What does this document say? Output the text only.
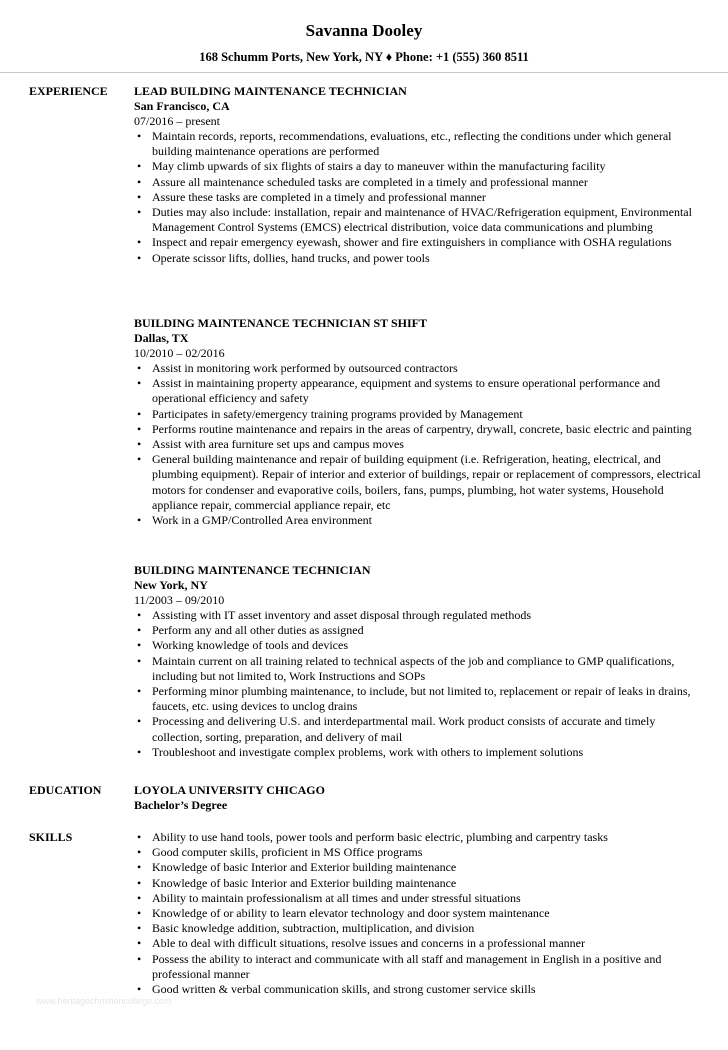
Savanna Dooley
168 Schumm Ports, New York, NY ♦ Phone: +1 (555) 360 8511
EXPERIENCE LEAD BUILDING MAINTENANCE TECHNICIAN
San Francisco, CA
07/2016 – present
• Maintain records, reports, recommendations, evaluations, etc., reflecting the conditions under which general building maintenance operations are performed
• May climb upwards of six flights of stairs a day to maneuver within the manufacturing facility
• Assure all maintenance scheduled tasks are completed in a timely and professional manner
• Assure these tasks are completed in a timely and professional manner
• Duties may also include: installation, repair and maintenance of HVAC/Refrigeration equipment, Environmental Management Control Systems (EMCS) electrical distribution, voice data communications and plumbing
• Inspect and repair emergency eyewash, shower and fire extinguishers in compliance with OSHA regulations
• Operate scissor lifts, dollies, hand trucks, and power tools
BUILDING MAINTENANCE TECHNICIAN ST SHIFT
Dallas, TX
10/2010 – 02/2016
• Assist in monitoring work performed by outsourced contractors
• Assist in maintaining property appearance, equipment and systems to ensure operational performance and operational efficiency and safety
• Participates in safety/emergency training programs provided by Management
• Performs routine maintenance and repairs in the areas of carpentry, drywall, concrete, basic electric and painting
• Assist with area furniture set ups and campus moves
• General building maintenance and repair of building equipment (i.e. Refrigeration, heating, electrical, and plumbing equipment). Repair of interior and exterior of buildings, repair or replacement of compressors, electrical motors for condenser and evaporative coils, boilers, fans, pumps, plumbing, hot water systems, Household appliance repair, commercial appliance repair, etc
• Work in a GMP/Controlled Area environment
BUILDING MAINTENANCE TECHNICIAN
New York, NY
11/2003 – 09/2010
• Assisting with IT asset inventory and asset disposal through regulated methods
• Perform any and all other duties as assigned
• Working knowledge of tools and devices
• Maintain current on all training related to technical aspects of the job and compliance to GMP qualifications, including but not limited to, Work Instructions and SOPs
• Performing minor plumbing maintenance, to include, but not limited to, replacement or repair of leaks in drains, faucets, etc. using devices to unclog drains
• Processing and delivering U.S. and interdepartmental mail. Work product consists of accurate and timely collection, sorting, preparation, and delivery of mail
• Troubleshoot and investigate complex problems, work with others to implement solutions
EDUCATION	LOYOLA UNIVERSITY CHICAGO
Bachelor’s Degree
SKILLS
•	Ability to use hand tools, power tools and perform basic electric, plumbing and carpentry tasks
• Good computer skills, proficient in MS Office programs
• Knowledge of basic Interior and Exterior building maintenance
• Knowledge of basic Interior and Exterior building maintenance
• Ability to maintain professionalism at all times and under stressful situations
• Knowledge of or ability to learn elevator technology and door system maintenance
• Basic knowledge addition, subtraction, multiplication, and division
• Able to deal with difficult situations, resolve issues and concerns in a professional manner
• Possess the ability to interact and communicate with all staff and management in English in a positive and professional manner
• Good written & verbal communication skills, and strong customer service skills
www.heritagechristiancollege.com
